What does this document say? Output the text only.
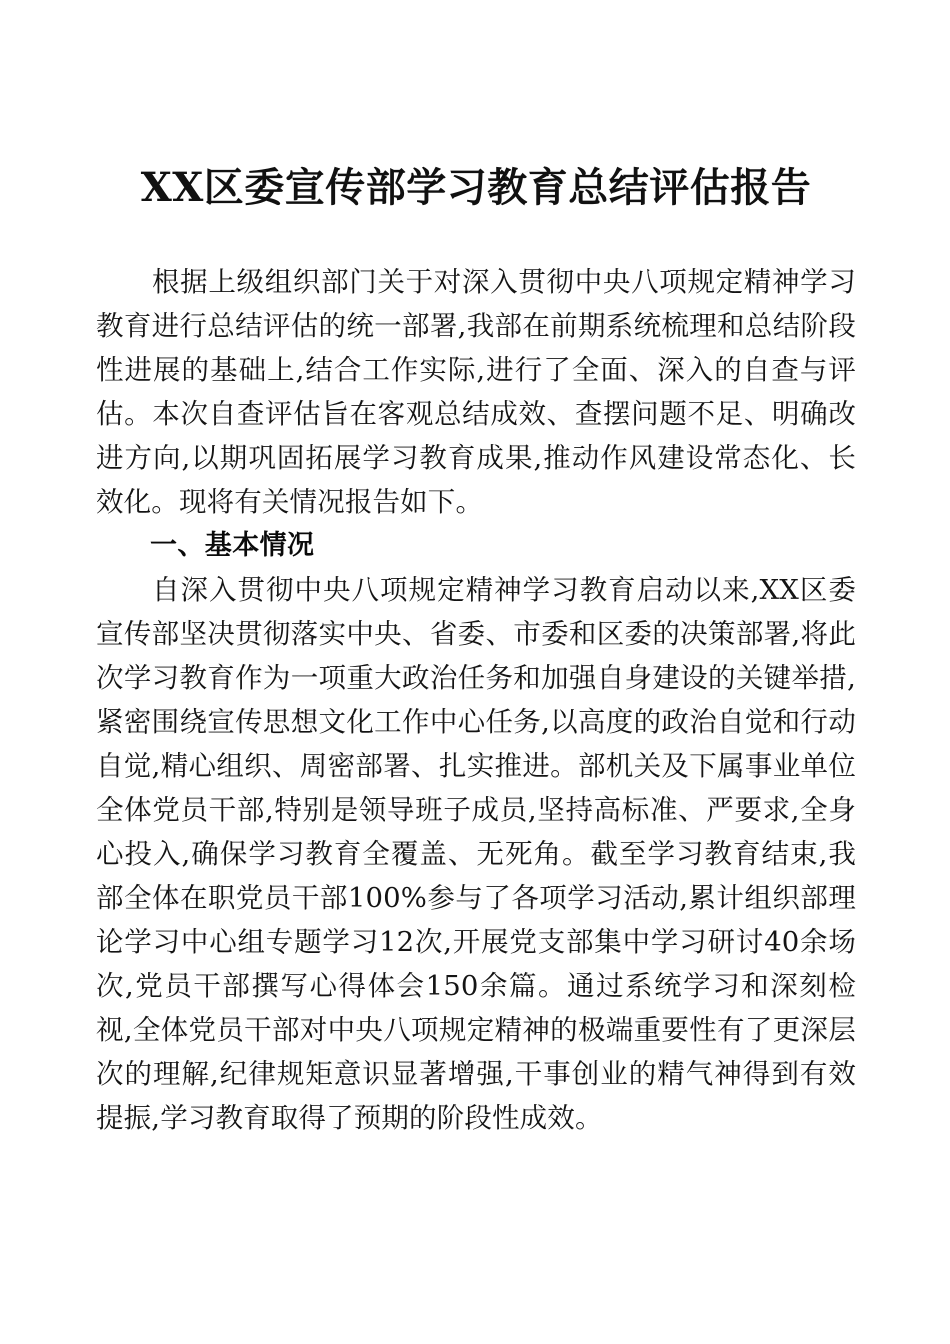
XX区委宣传部学习教育总结评估报告

根据上级组织部门关于对深入贯彻中央八项规定精神学习教育进行总结评估的统一部署,我部在前期系统梳理和总结阶段性进展的基础上,结合工作实际,进行了全面、深入的自查与评估。本次自查评估旨在客观总结成效、查摆问题不足、明确改进方向,以期巩固拓展学习教育成果,推动作风建设常态化、长效化。现将有关情况报告如下。

一、基本情况

自深入贯彻中央八项规定精神学习教育启动以来,XX区委宣传部坚决贯彻落实中央、省委、市委和区委的决策部署,将此次学习教育作为一项重大政治任务和加强自身建设的关键举措,紧密围绕宣传思想文化工作中心任务,以高度的政治自觉和行动自觉,精心组织、周密部署、扎实推进。部机关及下属事业单位全体党员干部,特别是领导班子成员,坚持高标准、严要求,全身心投入,确保学习教育全覆盖、无死角。截至学习教育结束,我部全体在职党员干部100%参与了各项学习活动,累计组织部理论学习中心组专题学习12次,开展党支部集中学习研讨40余场次,党员干部撰写心得体会150余篇。通过系统学习和深刻检视,全体党员干部对中央八项规定精神的极端重要性有了更深层次的理解,纪律规矩意识显著增强,干事创业的精气神得到有效提振,学习教育取得了预期的阶段性成效。
